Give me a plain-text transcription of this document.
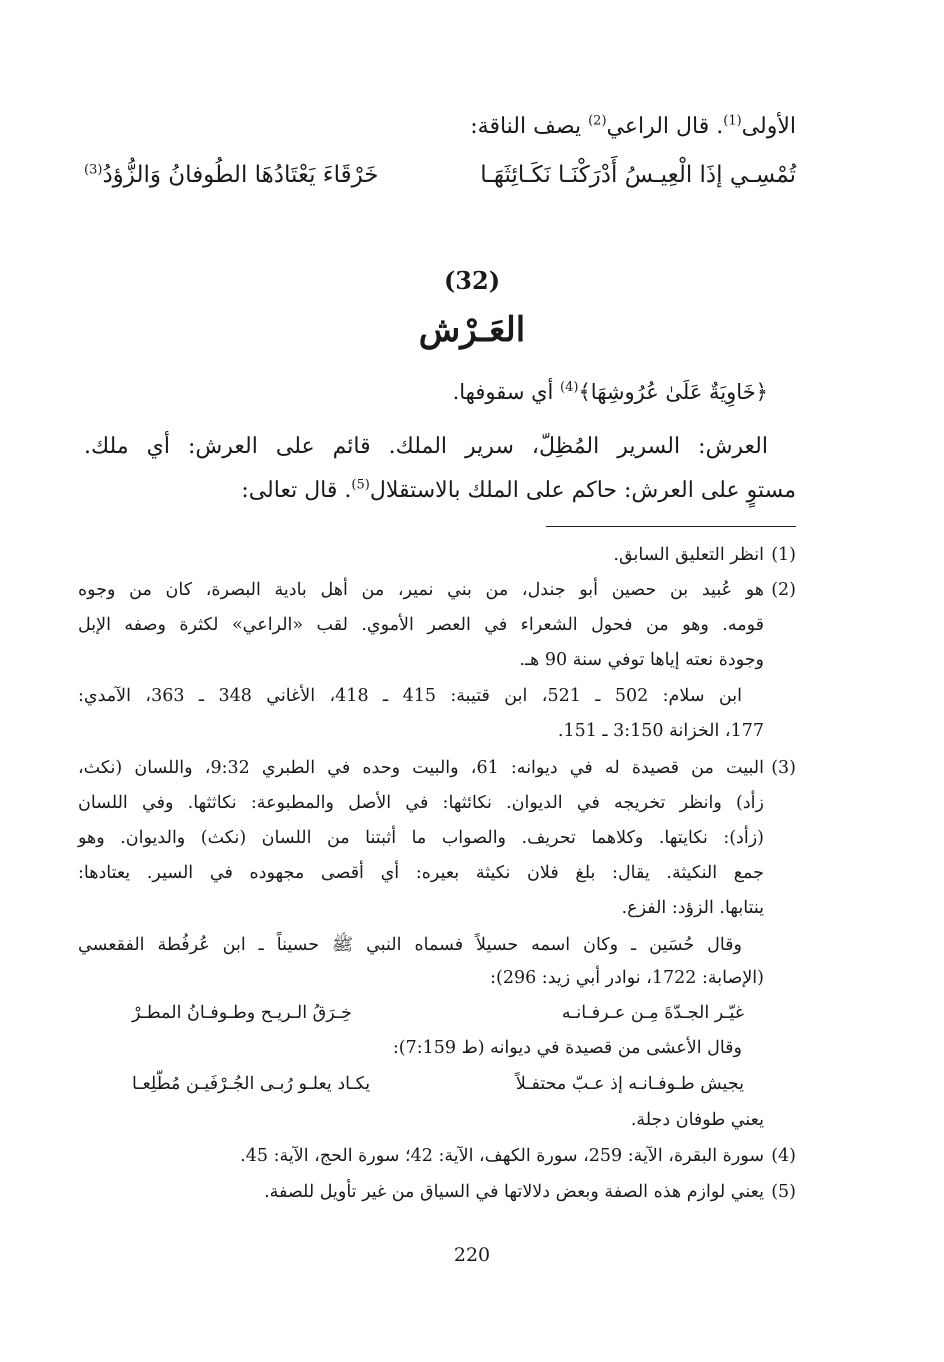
الأولى$^{(1)}$. قال الراعي$^{(2)}$ يصف الناقة:
تُمْسِـي إذَا الْعِيـسُ أَدْرَكْنَـا نَكَـائِثَهَـا
خَرْقَاءَ يَعْتَادُهَا الطُوفانُ وَالزُّؤدُ$^{(3)}$
(32)
العَـرْش
﴿خَاوِيَةٌ عَلَىٰ عُرُوشِهَا﴾$^{(4)}$ أي سقوفها.
العرش: السرير المُظِلّ، سرير الملك. قائم على العرش: أي ملك.
مستوٍ على العرش: حاكم على الملك بالاستقلال$^{(5)}$. قال تعالى:
(1)
انظر التعليق السابق.
(2)
هو عُبيد بن حصين أبو جندل، من بني نمير، من أهل بادية البصرة، كان من وجوه
قومه. وهو من فحول الشعراء في العصر الأموي. لقب «الراعي» لكثرة وصفه الإبل
وجودة نعته إياها توفي سنة 90 هـ.
ابن سلام: 502 ـ 521، ابن قتيبة: 415 ـ 418، الأغاني 348 ـ 363، الآمدي:
177، الخزانة 3:150 ـ 151.
(3)
البيت من قصيدة له في ديوانه: 61، والبيت وحده في الطبري 9:32، واللسان (نكث،
زأد) وانظر تخريجه في الديوان. نكائثها: في الأصل والمطبوعة: نكاثثها. وفي اللسان
(زأد): نكايتها. وكلاهما تحريف. والصواب ما أثبتنا من اللسان (نكث) والديوان. وهو
جمع النكيثة. يقال: بلغ فلان نكيثة بعيره: أي أقصى مجهوده في السير. يعتادها:
ينتابها. الزؤد: الفزع.
وقال حُسَين ـ وكان اسمه حسيلاً فسماه النبي ﷺ حسيناً ـ ابن عُرفُطة الفقعسي
(الإصابة: 1722، نوادر أبي زيد: 296):
غيّـر الجـدّةَ مِـن عـرفـانـه
خِـرَقُ الـريـح وطـوفـانُ المطـرْ
وقال الأعشى من قصيدة في ديوانه (ط 7:159):
يجيش طـوفـانـه إذ عـبّ محتفـلاً
يكـاد يعلـو رُبـى الجُـرْفَيـن مُطّلِعـا
يعني طوفان دجلة.
(4)
سورة البقرة، الآية: 259، سورة الكهف، الآية: 42؛ سورة الحج، الآية: 45.
(5)
يعني لوازم هذه الصفة وبعض دلالاتها في السياق من غير تأويل للصفة.
220
